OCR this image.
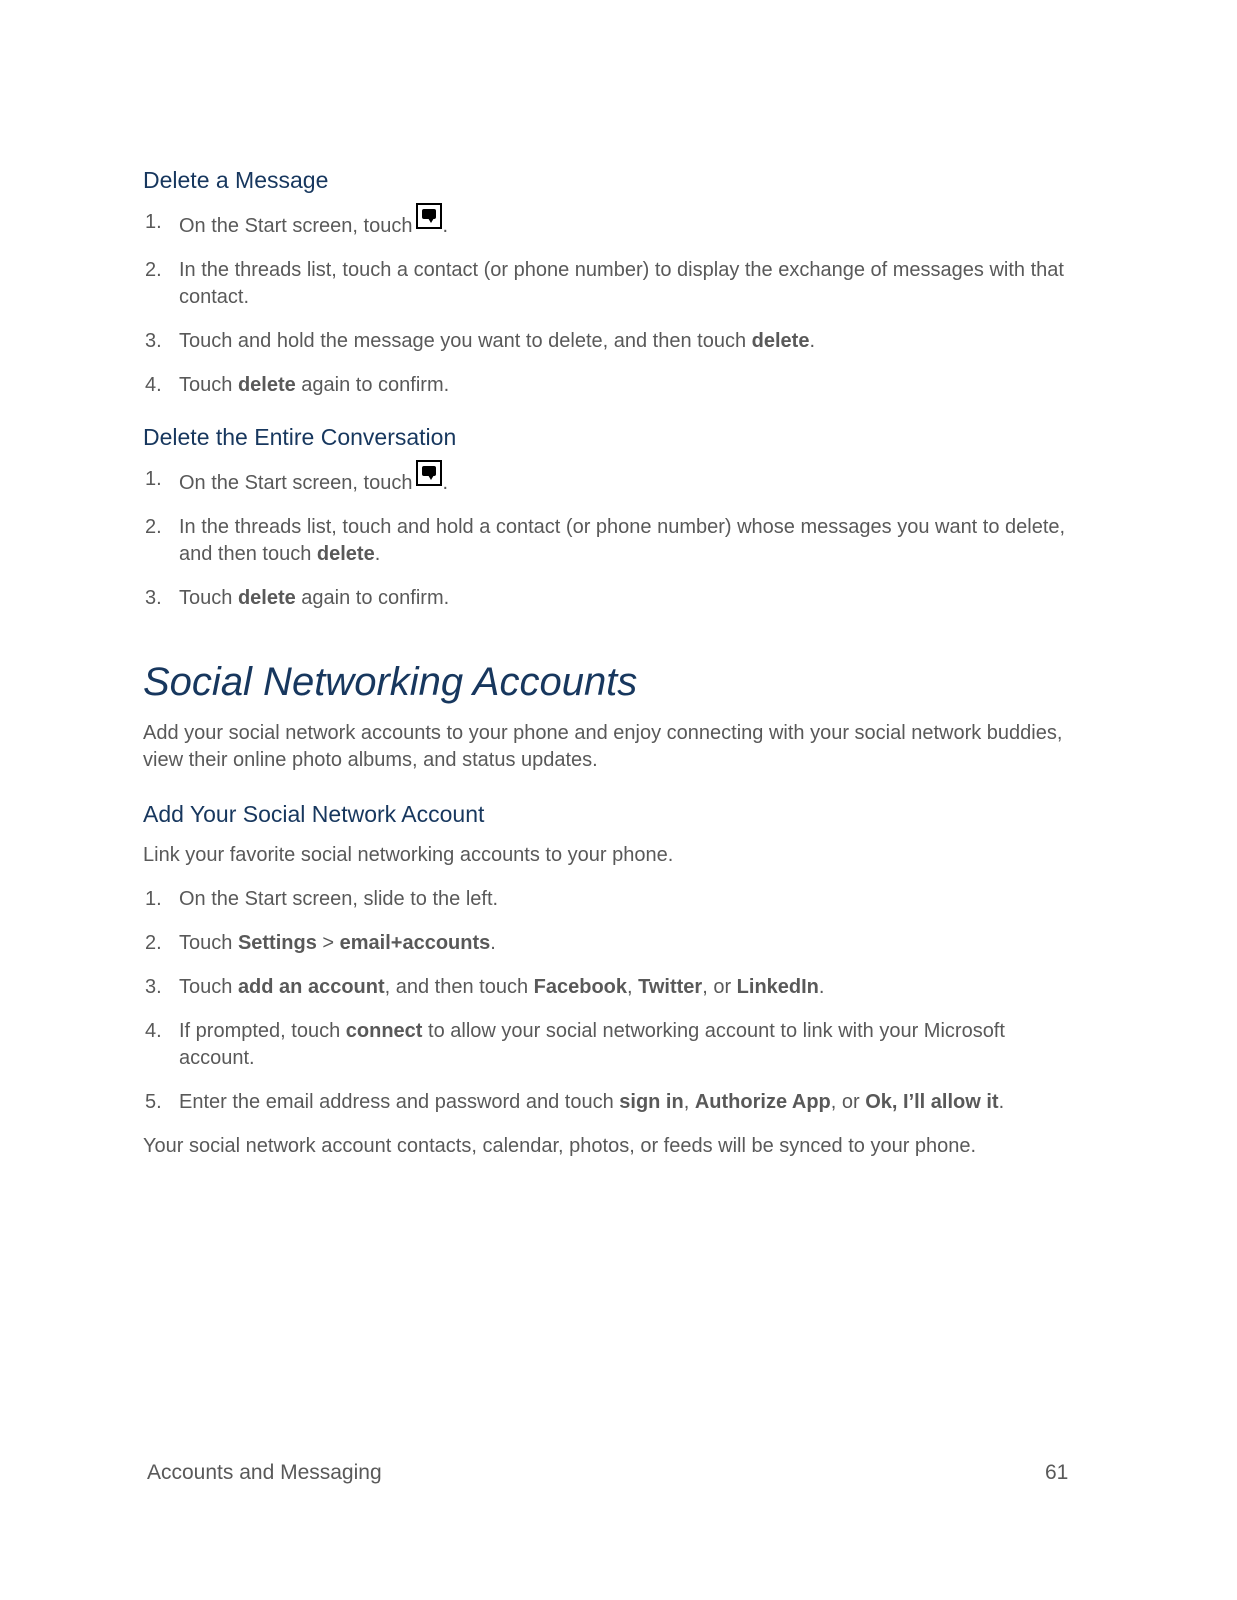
Delete a Message
1. On the Start screen, touch .
2. In the threads list, touch a contact (or phone number) to display the exchange of messages with that contact.
3. Touch and hold the message you want to delete, and then touch delete.
4. Touch delete again to confirm.
Delete the Entire Conversation
1. On the Start screen, touch .
2. In the threads list, touch and hold a contact (or phone number) whose messages you want to delete, and then touch delete.
3. Touch delete again to confirm.
Social Networking Accounts

Add your social network accounts to your phone and enjoy connecting with your social network buddies, view their online photo albums, and status updates.

Add Your Social Network Account

Link your favorite social networking accounts to your phone.

1. On the Start screen, slide to the left.
2. Touch Settings > email+accounts.
3. Touch add an account, and then touch Facebook, Twitter, or LinkedIn.
4. If prompted, touch connect to allow your social networking account to link with your Microsoft account.
5. Enter the email address and password and touch sign in, Authorize App, or Ok, I’ll allow it.

Your social network account contacts, calendar, photos, or feeds will be synced to your phone.

Accounts and Messaging	61
